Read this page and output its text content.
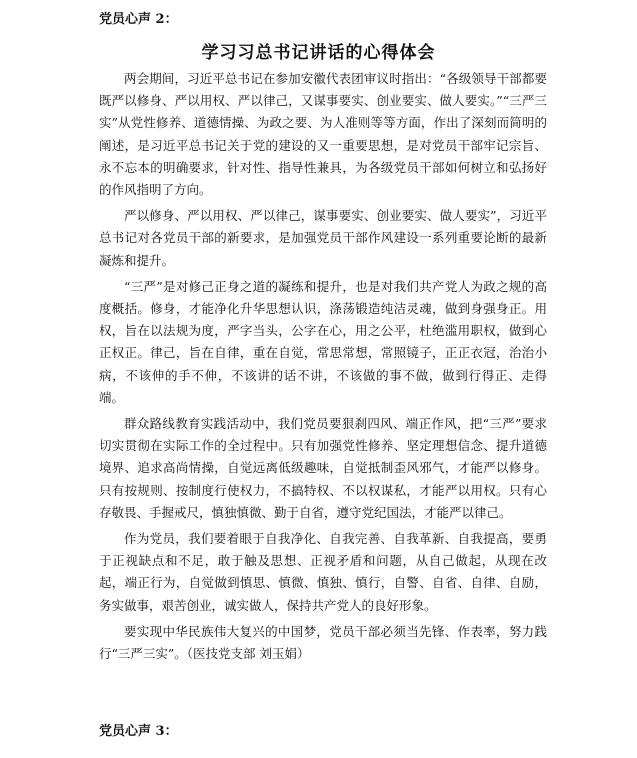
党员心声 2：
学习习总书记讲话的心得体会

两会期间，习近平总书记在参加安徽代表团审议时指出：“各级领导干部都要既严以修身、严以用权、严以律己，又谋事要实、创业要实、做人要实。”“三严三实”从党性修养、道德情操、为政之要、为人准则等等方面，作出了深刻而简明的阐述，是习近平总书记关于党的建设的又一重要思想，是对党员干部牢记宗旨、永不忘本的明确要求，针对性、指导性兼具，为各级党员干部如何树立和弘扬好的作风指明了方向。

严以修身、严以用权、严以律己，谋事要实、创业要实、做人要实”，习近平总书记对各党员干部的新要求，是加强党员干部作风建设一系列重要论断的最新凝炼和提升。

“三严”是对修己正身之道的凝练和提升，也是对我们共产党人为政之规的高度概括。修身，才能净化升华思想认识，涤荡锻造纯洁灵魂，做到身强身正。用权，旨在以法规为度，严字当头，公字在心，用之公平，杜绝滥用职权，做到心正权正。律己，旨在自律，重在自觉，常思常想，常照镜子，正正衣冠，治治小病，不该伸的手不伸，不该讲的话不讲，不该做的事不做，做到行得正、走得端。

群众路线教育实践活动中，我们党员要狠刹四风、端正作风，把“三严”要求切实贯彻在实际工作的全过程中。只有加强党性修养、坚定理想信念、提升道德境界、追求高尚情操，自觉远离低级趣味，自觉抵制歪风邪气，才能严以修身。只有按规则、按制度行使权力，不搞特权、不以权谋私，才能严以用权。只有心存敬畏、手握戒尺，慎独慎微、勤于自省，遵守党纪国法，才能严以律己。

作为党员，我们要着眼于自我净化、自我完善、自我革新、自我提高，要勇于正视缺点和不足，敢于触及思想、正视矛盾和问题，从自己做起，从现在改起，端正行为，自觉做到慎思、慎微、慎独、慎行，自警、自省、自律、自励，务实做事，艰苦创业，诚实做人，保持共产党人的良好形象。

要实现中华民族伟大复兴的中国梦，党员干部必须当先锋、作表率，努力践行“三严三实”。（医技党支部 刘玉娟）

党员心声 3：
